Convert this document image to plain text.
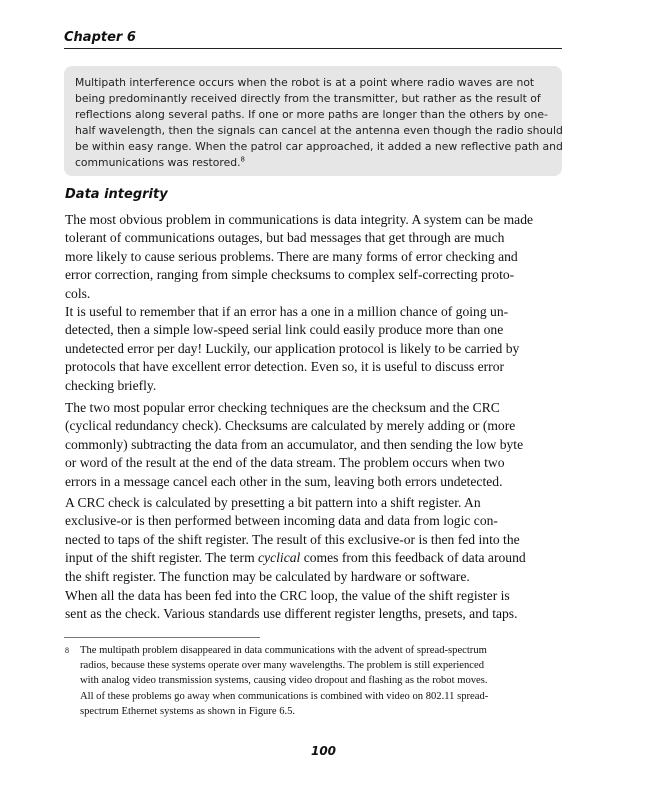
Chapter 6
Multipath interference occurs when the robot is at a point where radio waves are not
being predominantly received directly from the transmitter, but rather as the result of
reflections along several paths. If one or more paths are longer than the others by one-
half wavelength, then the signals can cancel at the antenna even though the radio should
be within easy range. When the patrol car approached, it added a new reflective path and
communications was restored.$^8$
Data integrity
The most obvious problem in communications is data integrity. A system can be made
tolerant of communications outages, but bad messages that get through are much
more likely to cause serious problems. There are many forms of error checking and
error correction, ranging from simple checksums to complex self-correcting proto-
cols.
It is useful to remember that if an error has a one in a million chance of going un-
detected, then a simple low-speed serial link could easily produce more than one
undetected error per day! Luckily, our application protocol is likely to be carried by
protocols that have excellent error detection. Even so, it is useful to discuss error
checking briefly.
The two most popular error checking techniques are the checksum and the CRC
(cyclical redundancy check). Checksums are calculated by merely adding or (more
commonly) subtracting the data from an accumulator, and then sending the low byte
or word of the result at the end of the data stream. The problem occurs when two
errors in a message cancel each other in the sum, leaving both errors undetected.
A CRC check is calculated by presetting a bit pattern into a shift register. An
exclusive-or is then performed between incoming data and data from logic con-
nected to taps of the shift register. The result of this exclusive-or is then fed into the
input of the shift register. The term cyclical comes from this feedback of data around
the shift register. The function may be calculated by hardware or software.
When all the data has been fed into the CRC loop, the value of the shift register is
sent as the check. Various standards use different register lengths, presets, and taps.
8	The multipath problem disappeared in data communications with the advent of spread-spectrum
radios, because these systems operate over many wavelengths. The problem is still experienced
with analog video transmission systems, causing video dropout and flashing as the robot moves.
All of these problems go away when communications is combined with video on 802.11 spread-
spectrum Ethernet systems as shown in Figure 6.5.
100
